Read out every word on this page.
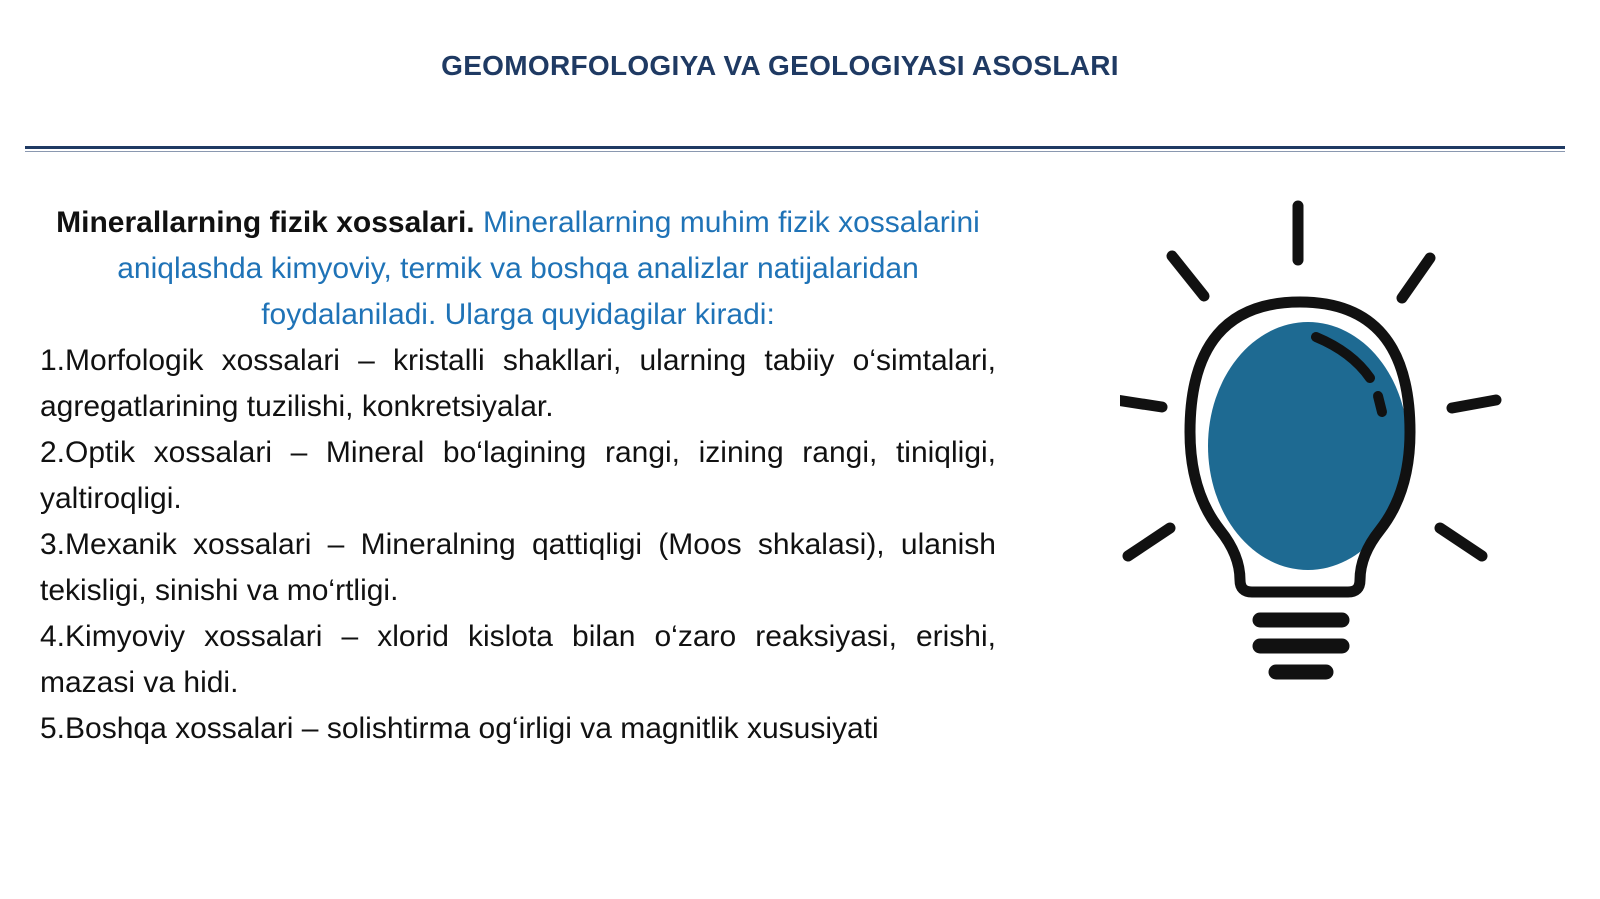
GEOMORFOLOGIYA VA GEOLOGIYASI ASOSLARI

Minerallarning fizik xossalari. Minerallarning muhim fizik xossalarini aniqlashda kimyoviy, termik va boshqa analizlar natijalaridan foydalaniladi. Ularga quyidagilar kiradi:

1.Morfologik xossalari – kristalli shakllari, ularning tabiiy o‘simtalari, agregatlarining tuzilishi, konkretsiyalar.

2.Optik xossalari – Mineral bo‘lagining rangi, izining rangi, tiniqligi, yaltiroqligi.

3.Mexanik xossalari – Mineralning qattiqligi (Moos shkalasi), ulanish tekisligi, sinishi va mo‘rtligi.

4.Kimyoviy xossalari – xlorid kislota bilan o‘zaro reaksiyasi, erishi, mazasi va hidi.

5.Boshqa xossalari – solishtirma og‘irligi va magnitlik xususiyati
